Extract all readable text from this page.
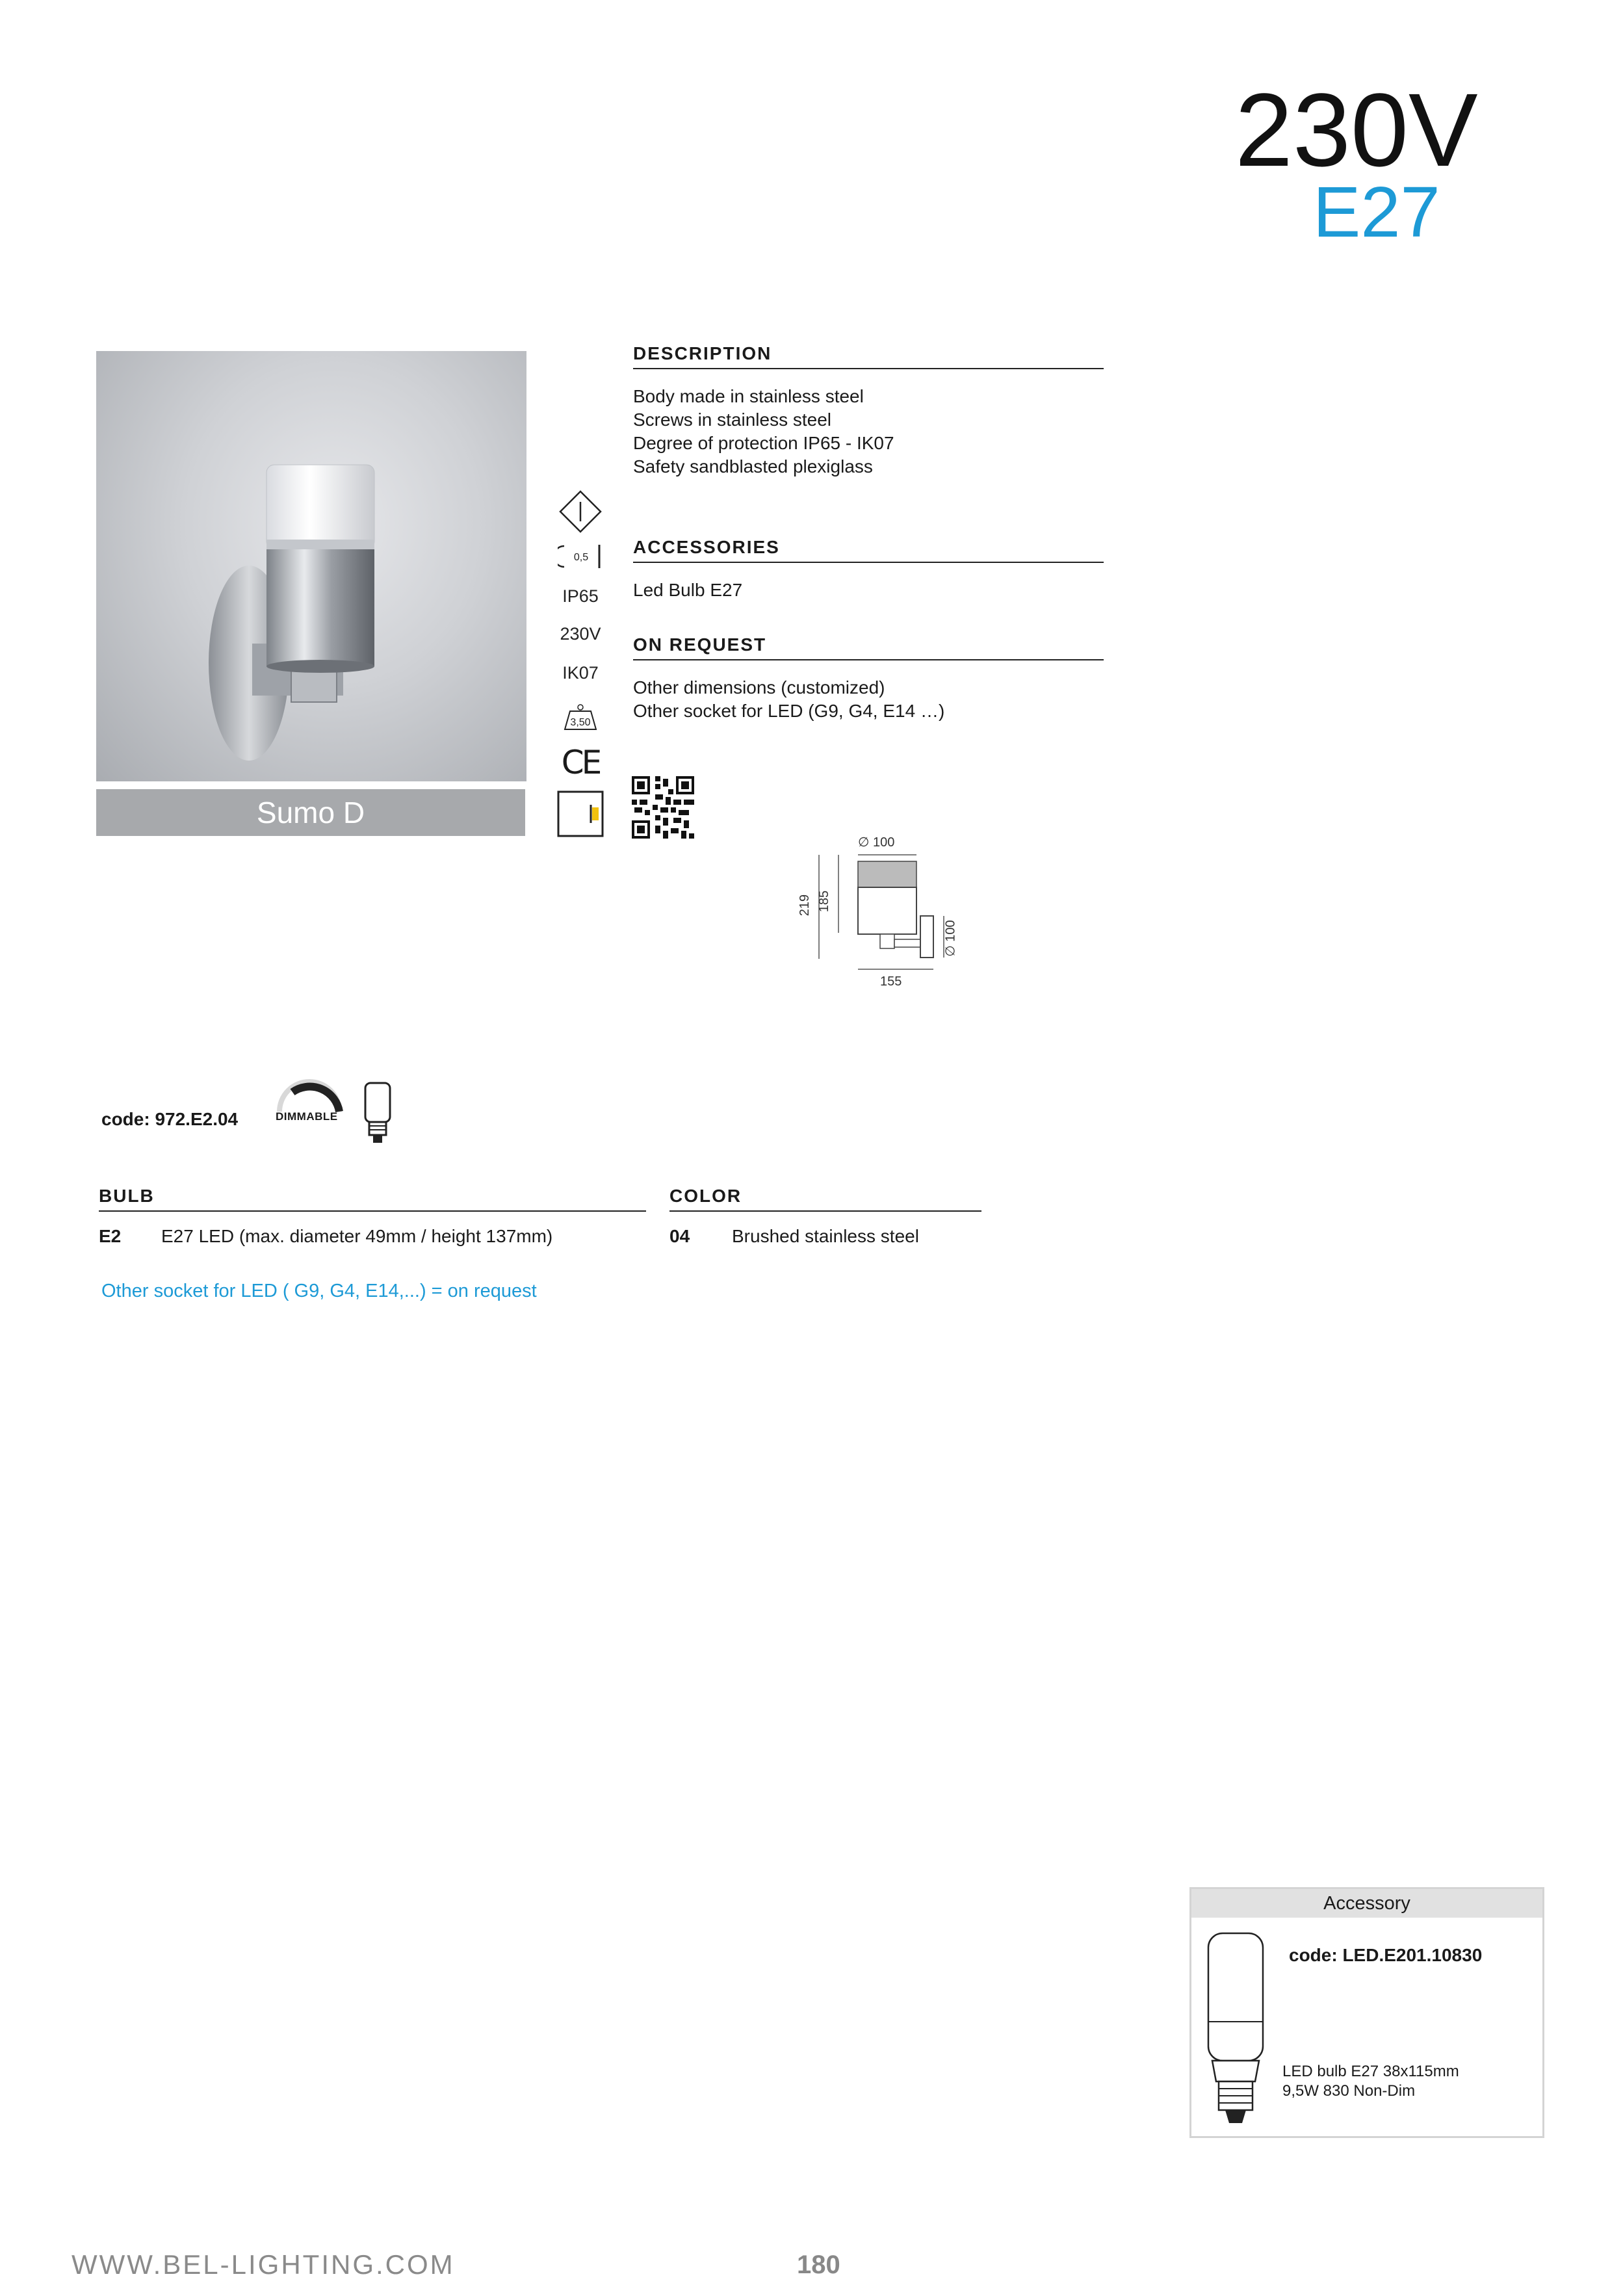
230V
E27
Sumo D
0,5
IP65
230V
IK07
3,50
CE
DESCRIPTION
Body made in stainless steel
Screws in stainless steel
Degree of protection IP65 - IK07
Safety sandblasted plexiglass
ACCESSORIES
Led Bulb E27
ON REQUEST
Other dimensions (customized)
Other socket for LED (G9, G4, E14 …)
∅ 100
219 185
∅ 100
155
code: 972.E2.04	DIMMABLE
BULB
E2	E27 LED (max. diameter 49mm / height 137mm)
Other socket for LED ( G9, G4, E14,...) = on request
COLOR
04	Brushed stainless steel
Accessory
code: LED.E201.10830
LED bulb E27 38x115mm
9,5W 830 Non-Dim
WWW.BEL-LIGHTING.COM	180
